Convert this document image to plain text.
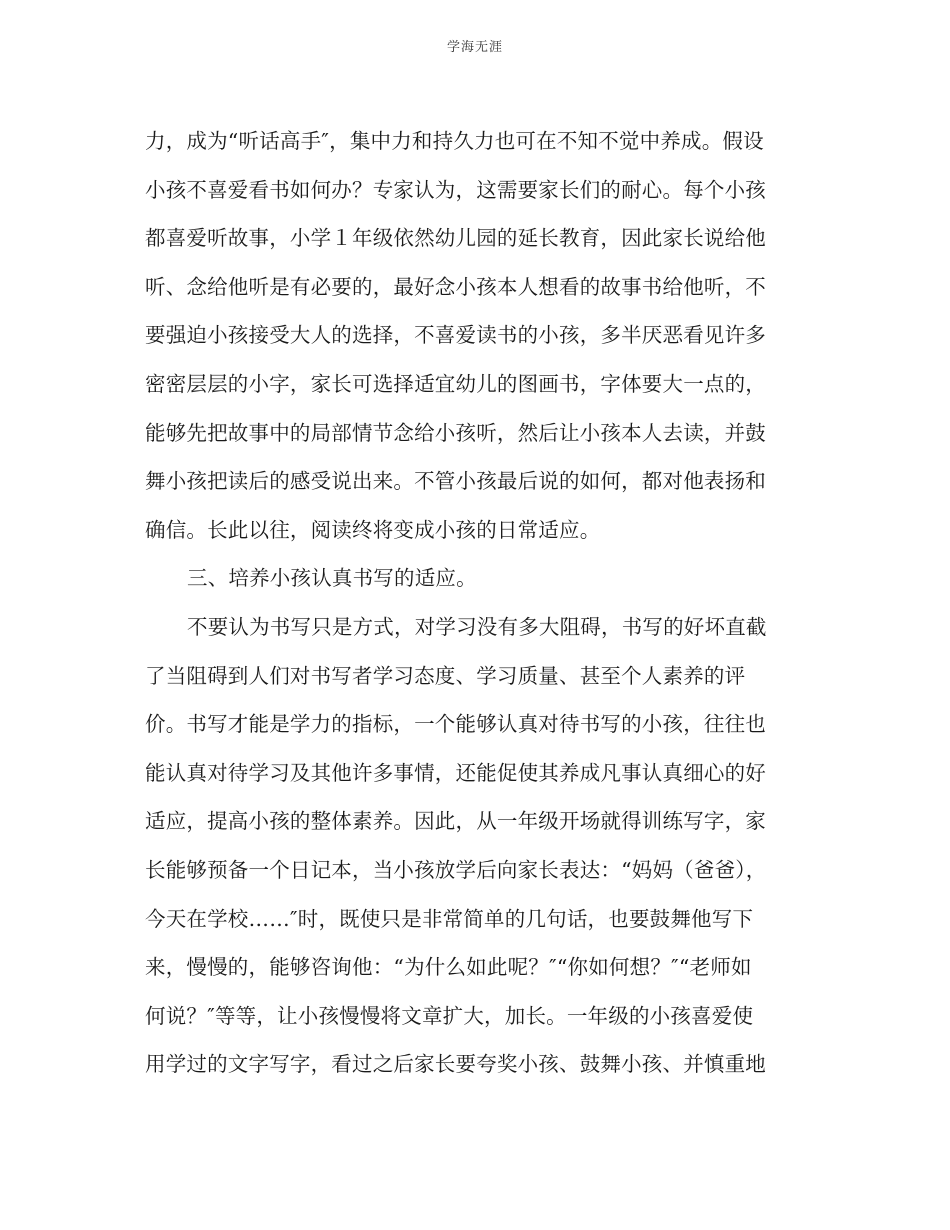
学海无涯
力，成为“听话高手″，集中力和持久力也可在不知不觉中养成。假设
小孩不喜爱看书如何办？专家认为，这需要家长们的耐心。每个小孩
都喜爱听故事，小学１年级依然幼儿园的延长教育，因此家长说给他
听、念给他听是有必要的，最好念小孩本人想看的故事书给他听，不
要强迫小孩接受大人的选择，不喜爱读书的小孩，多半厌恶看见许多
密密层层的小字，家长可选择适宜幼儿的图画书，字体要大一点的，
能够先把故事中的局部情节念给小孩听，然后让小孩本人去读，并鼓
舞小孩把读后的感受说出来。不管小孩最后说的如何，都对他表扬和
确信。长此以往，阅读终将变成小孩的日常适应。
三、培养小孩认真书写的适应。
不要认为书写只是方式，对学习没有多大阻碍，书写的好坏直截
了当阻碍到人们对书写者学习态度、学习质量、甚至个人素养的评
价。书写才能是学力的指标，一个能够认真对待书写的小孩，往往也
能认真对待学习及其他许多事情，还能促使其养成凡事认真细心的好
适应，提高小孩的整体素养。因此，从一年级开场就得训练写字，家
长能够预备一个日记本，当小孩放学后向家长表达：“妈妈（爸爸），
今天在学校……″时，既使只是非常简单的几句话，也要鼓舞他写下
来，慢慢的，能够咨询他：“为什么如此呢？″“你如何想？″“老师如
何说？″等等，让小孩慢慢将文章扩大，加长。一年级的小孩喜爱使
用学过的文字写字，看过之后家长要夸奖小孩、鼓舞小孩、并慎重地
